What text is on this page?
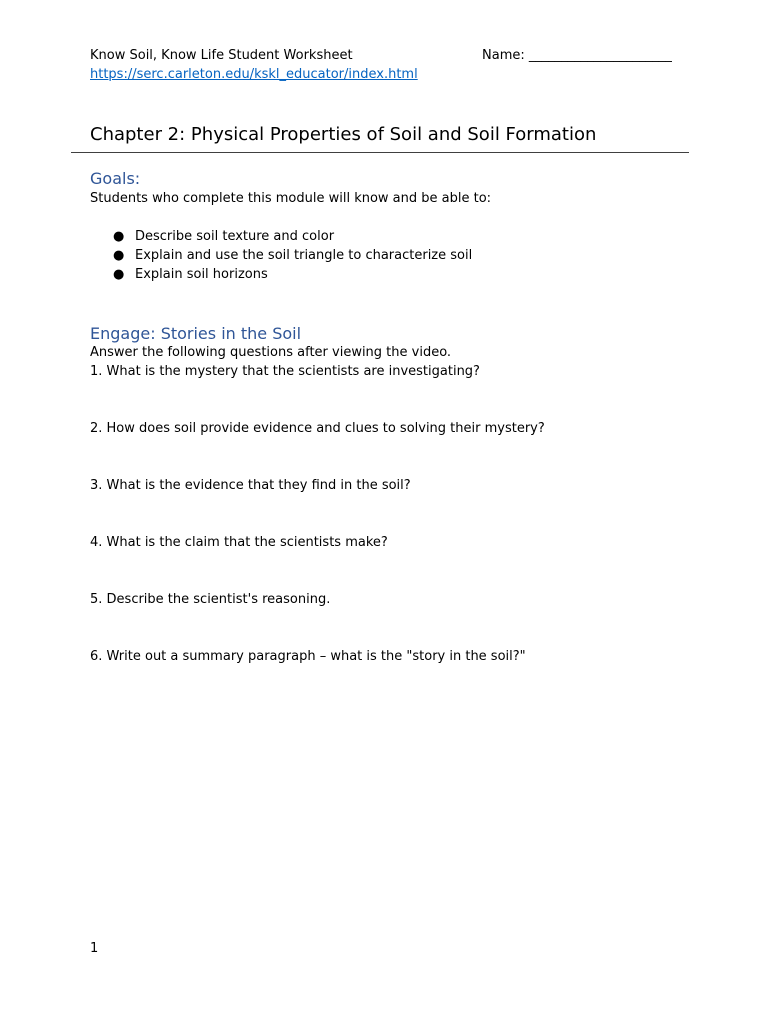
Know Soil, Know Life Student Worksheet	Name: ______________________
https://serc.carleton.edu/kskl_educator/index.html
Chapter 2: Physical Properties of Soil and Soil Formation
Goals:
Students who complete this module will know and be able to:
● Describe soil texture and color
● Explain and use the soil triangle to characterize soil
● Explain soil horizons
Engage: Stories in the Soil
Answer the following questions after viewing the video.
1. What is the mystery that the scientists are investigating?
2. How does soil provide evidence and clues to solving their mystery?
3. What is the evidence that they find in the soil?
4. What is the claim that the scientists make?
5. Describe the scientist's reasoning.
6. Write out a summary paragraph – what is the "story in the soil?"
1
